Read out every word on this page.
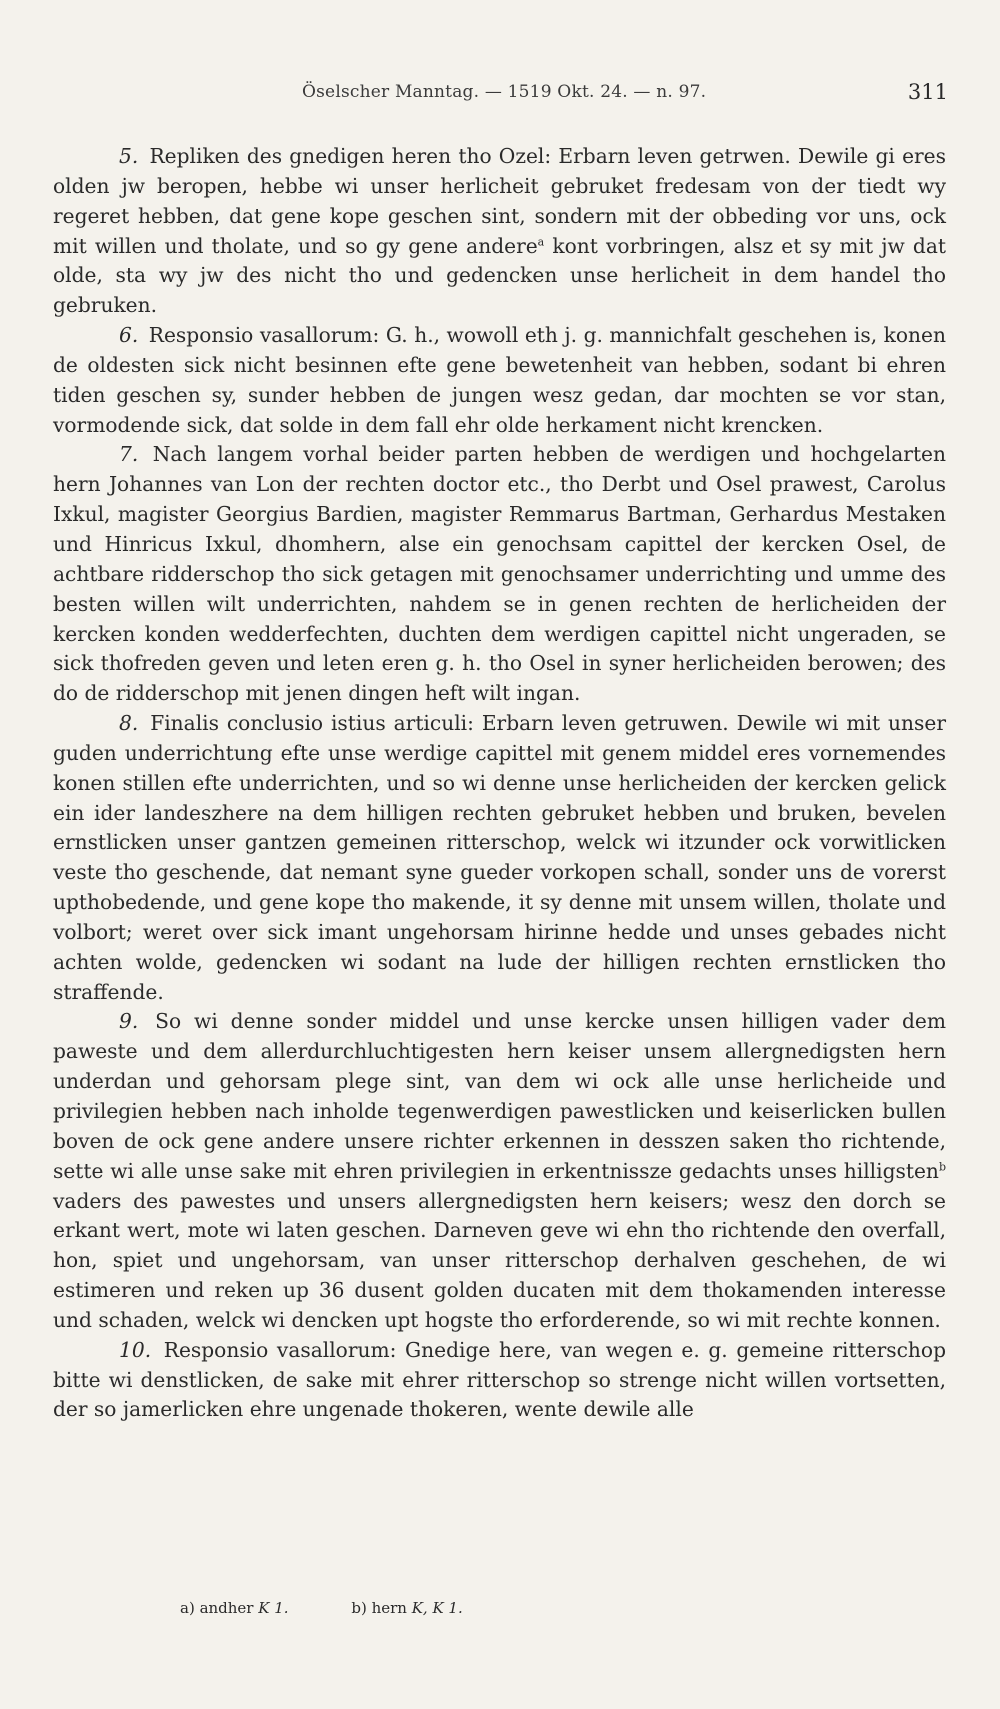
Öselscher Manntag. — 1519 Okt. 24. — n. 97.	311

5. Repliken des gnedigen heren tho Ozel: Erbarn leven getrwen. Dewile gi eres olden jw beropen, hebbe wi unser herlicheit gebruket fredesam von der tiedt wy regeret hebben, dat gene kope geschen sint, sondern mit der obbeding vor uns, ock mit willen und tholate, und so gy gene andere$^a$ kont vorbringen, alsz et sy mit jw dat olde, sta wy jw des nicht tho und gedencken unse herlicheit in dem handel tho gebruken.

6. Responsio vasallorum: G. h., wowoll eth j. g. mannichfalt geschehen is, konen de oldesten sick nicht besinnen efte gene bewetenheit van hebben, sodant bi ehren tiden geschen sy, sunder hebben de jungen wesz gedan, dar mochten se vor stan, vormodende sick, dat solde in dem fall ehr olde herkament nicht krencken.

7. Nach langem vorhal beider parten hebben de werdigen und hochgelarten hern Johannes van Lon der rechten doctor etc., tho Derbt und Osel prawest, Carolus Ixkul, magister Georgius Bardien, magister Remmarus Bartman, Gerhardus Mestaken und Hinricus Ixkul, dhomhern, alse ein genochsam capittel der kercken Osel, de achtbare ridderschop tho sick getagen mit genochsamer underrichting und umme des besten willen wilt underrichten, nahdem se in genen rechten de herlicheiden der kercken konden wedderfechten, duchten dem werdigen capittel nicht ungeraden, se sick thofreden geven und leten eren g. h. tho Osel in syner herlicheiden berowen; des do de ridderschop mit jenen dingen heft wilt ingan.

8. Finalis conclusio istius articuli: Erbarn leven getruwen. Dewile wi mit unser guden underrichtung efte unse werdige capittel mit genem middel eres vornemendes konen stillen efte underrichten, und so wi denne unse herlicheiden der kercken gelick ein ider landeszhere na dem hilligen rechten gebruket hebben und bruken, bevelen ernstlicken unser gantzen gemeinen ritterschop, welck wi itzunder ock vorwitlicken veste tho geschende, dat nemant syne gueder vorkopen schall, sonder uns de vorerst upthobedende, und gene kope tho makende, it sy denne mit unsem willen, tholate und volbort; weret over sick imant ungehorsam hirinne hedde und unses gebades nicht achten wolde, gedencken wi sodant na lude der hilligen rechten ernstlicken tho straffende.

9. So wi denne sonder middel und unse kercke unsen hilligen vader dem paweste und dem allerdurchluchtigesten hern keiser unsem allergnedigsten hern underdan und gehorsam plege sint, van dem wi ock alle unse herlicheide und privilegien hebben nach inholde tegenwerdigen pawestlicken und keiserlicken bullen boven de ock gene andere unsere richter erkennen in desszen saken tho richtende, sette wi alle unse sake mit ehren privilegien in erkentnissze gedachts unses hilligsten$^b$ vaders des pawestes und unsers allergnedigsten hern keisers; wesz den dorch se erkant wert, mote wi laten geschen. Darneven geve wi ehn tho richtende den overfall, hon, spiet und ungehorsam, van unser ritterschop derhalven geschehen, de wi estimeren und reken up 36 dusent golden ducaten mit dem thokamenden interesse und schaden, welck wi dencken upt hogste tho erforderende, so wi mit rechte konnen.

10. Responsio vasallorum: Gnedige here, van wegen e. g. gemeine ritterschop bitte wi denstlicken, de sake mit ehrer ritterschop so strenge nicht willen vortsetten, der so jamerlicken ehre ungenade thokeren, wente dewile alle

a) andher K 1.	b) hern K, K 1.
